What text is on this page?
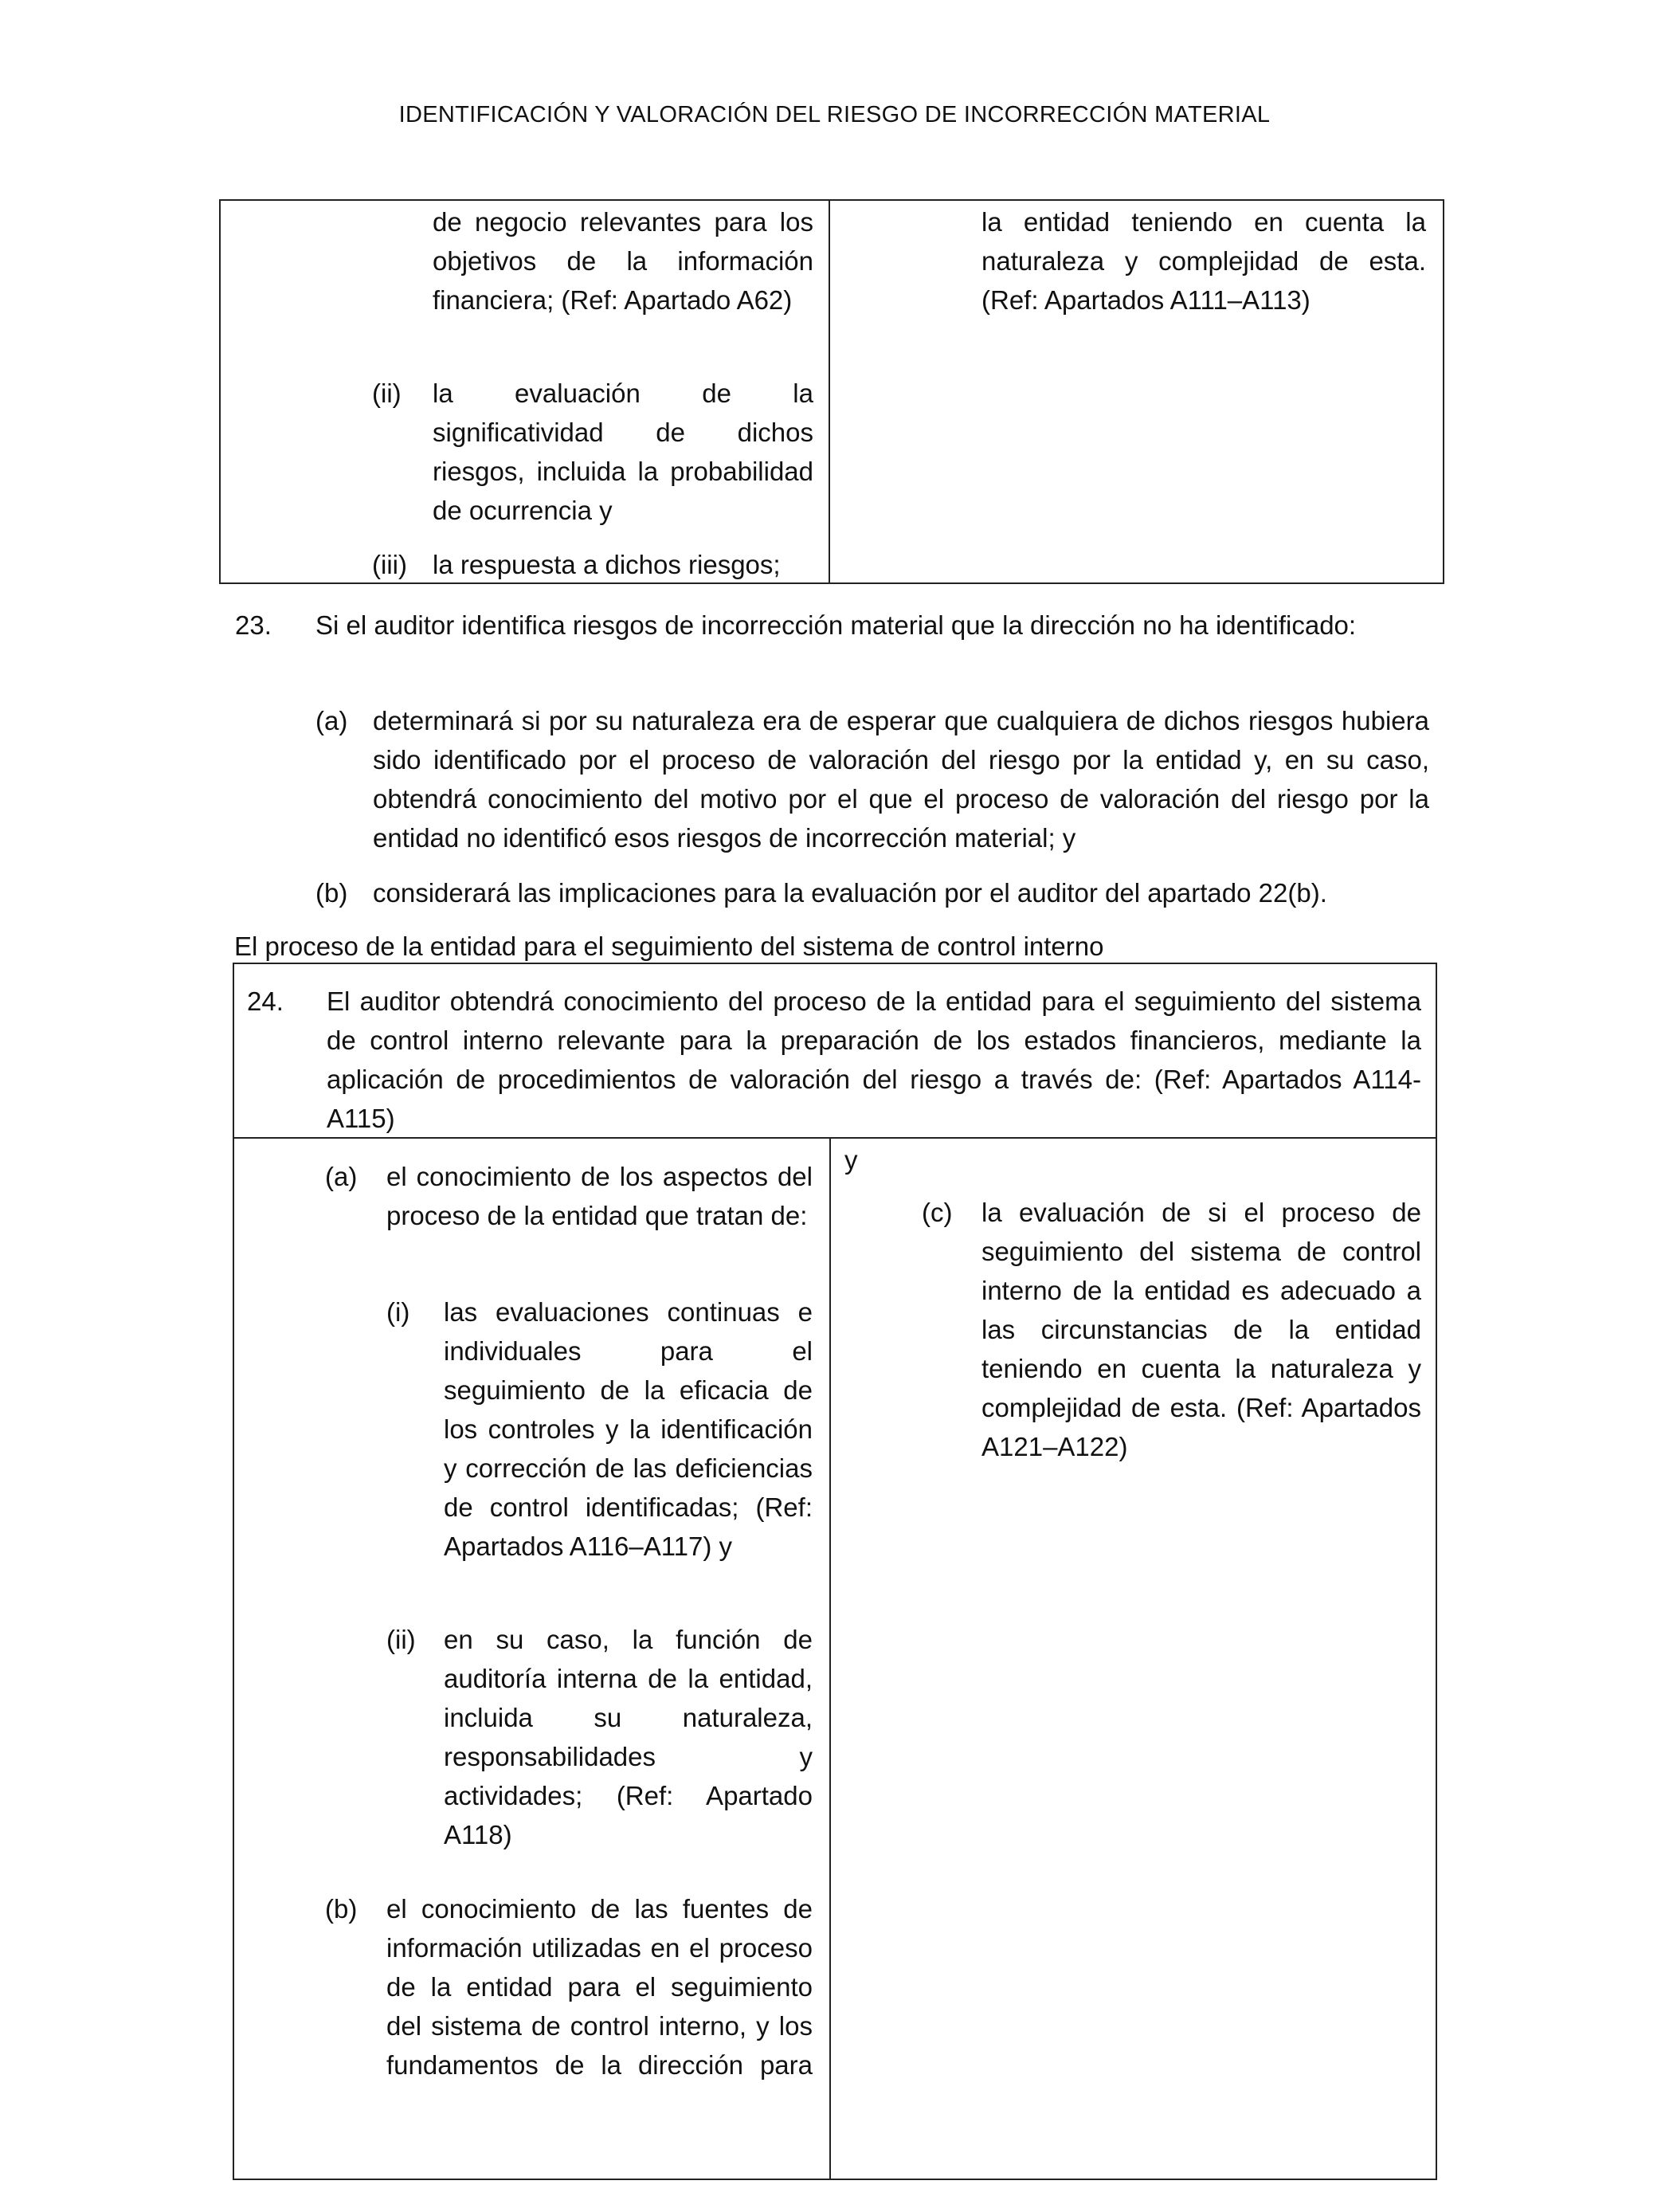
IDENTIFICACIÓN Y VALORACIÓN DEL RIESGO DE INCORRECCIÓN MATERIAL
de negocio relevantes para los objetivos de la información financiera; (Ref: Apartado A62)
(ii) la evaluación de la significatividad de dichos riesgos, incluida la probabilidad de ocurrencia y
(iii) la respuesta a dichos riesgos;
la entidad teniendo en cuenta la naturaleza y complejidad de esta. (Ref: Apartados A111–A113)
23. Si el auditor identifica riesgos de incorrección material que la dirección no ha identificado:
(a) determinará si por su naturaleza era de esperar que cualquiera de dichos riesgos hubiera sido identificado por el proceso de valoración del riesgo por la entidad y, en su caso, obtendrá conocimiento del motivo por el que el proceso de valoración del riesgo por la entidad no identificó esos riesgos de incorrección material; y
(b) considerará las implicaciones para la evaluación por el auditor del apartado 22(b).
El proceso de la entidad para el seguimiento del sistema de control interno
24. El auditor obtendrá conocimiento del proceso de la entidad para el seguimiento del sistema de control interno relevante para la preparación de los estados financieros, mediante la aplicación de procedimientos de valoración del riesgo a través de: (Ref: Apartados A114-A115)
(a) el conocimiento de los aspectos del proceso de la entidad que tratan de:
(i) las evaluaciones continuas e individuales para el seguimiento de la eficacia de los controles y la identificación y corrección de las deficiencias de control identificadas; (Ref: Apartados A116–A117) y
(ii) en su caso, la función de auditoría interna de la entidad, incluida su naturaleza, responsabilidades y actividades; (Ref: Apartado A118)
(b) el conocimiento de las fuentes de información utilizadas en el proceso de la entidad para el seguimiento del sistema de control interno, y los fundamentos de la dirección para
y
(c) la evaluación de si el proceso de seguimiento del sistema de control interno de la entidad es adecuado a las circunstancias de la entidad teniendo en cuenta la naturaleza y complejidad de esta. (Ref: Apartados A121–A122)
